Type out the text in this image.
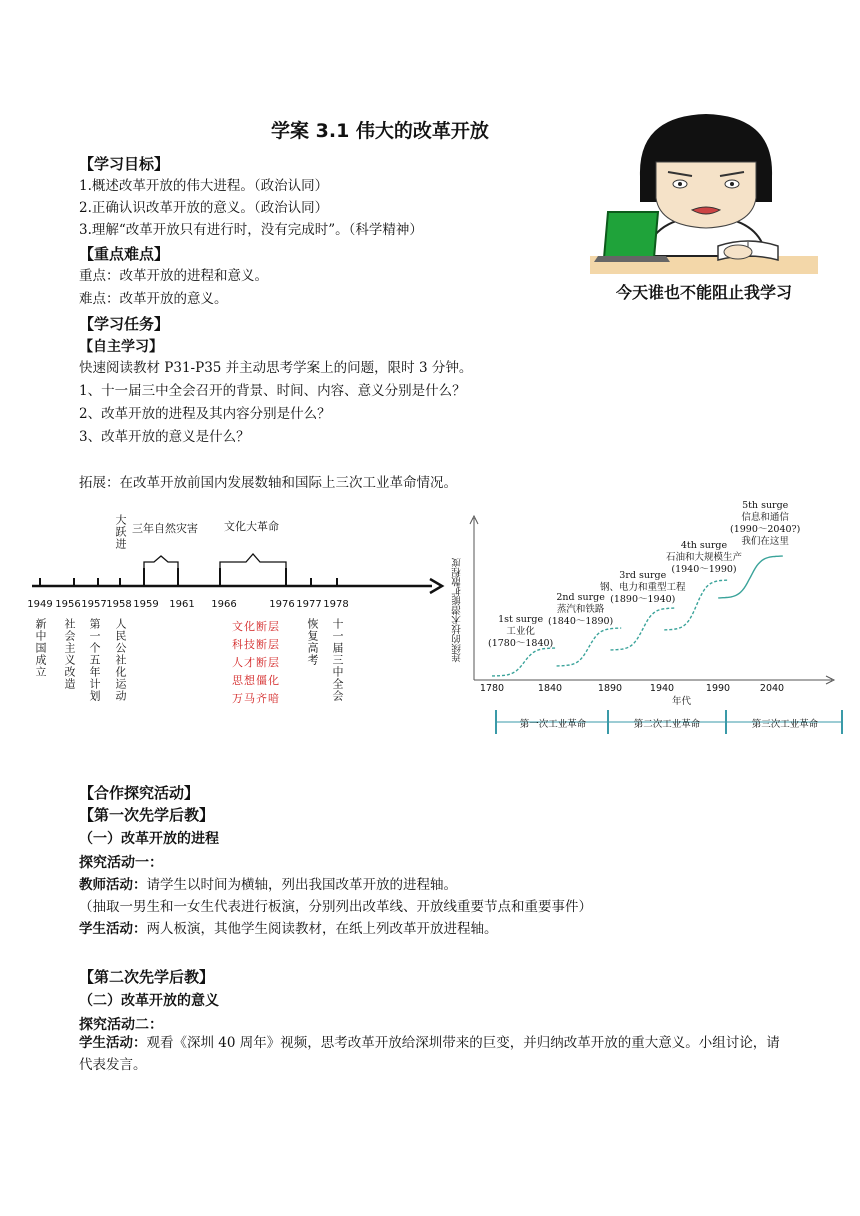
学案 3.1 伟大的改革开放
【学习目标】
1.概述改革开放的伟大进程。（政治认同）
2.正确认识改革开放的意义。（政治认同）
3.理解“改革开放只有进行时，没有完成时”。（科学精神）
【重点难点】
重点：改革开放的进程和意义。
难点：改革开放的意义。
【学习任务】
【自主学习】
快速阅读教材 P31-P35 并主动思考学案上的问题，限时 3 分钟。
1、十一届三中全会召开的背景、时间、内容、意义分别是什么？
2、改革开放的进程及其内容分别是什么？
3、改革开放的意义是什么？
拓展：在改革开放前国内发展数轴和国际上三次工业革命情况。
今天谁也不能阻止我学习
大跃进 三年自然灾害 文化大革命
1949 1956 1957 1958 1959 1961 1966	1976 1977 1978
新中国成立 社会主义改造 第一个五年计划 人民公社化运动	恢复高考 十一届三中全会
文化断层
科技断层
人才断层
思想僵化
万马齐喑
连续的技术潜能扩散程度
年代
1780	1840	1890	1940	1990	2040
1st surge
工业化
(1780～1840)
2nd surge
蒸汽和铁路
(1840～1890)
3rd surge
钢、电力和重型工程
(1890～1940)
4th surge
石油和大规模生产
(1940～1990)
5th surge
信息和通信
(1990～2040?)
我们在这里
第一次工业革命	第二次工业革命	第三次工业革命
【合作探究活动】
【第一次先学后教】
（一）改革开放的进程
探究活动一：
教师活动：请学生以时间为横轴，列出我国改革开放的进程轴。
（抽取一男生和一女生代表进行板演，分别列出改革线、开放线重要节点和重要事件）
学生活动：两人板演，其他学生阅读教材，在纸上列改革开放进程轴。
【第二次先学后教】
（二）改革开放的意义
探究活动二：
学生活动：观看《深圳 40 周年》视频，思考改革开放给深圳带来的巨变，并归纳改革开放的重大意义。小组讨论，请代表发言。
